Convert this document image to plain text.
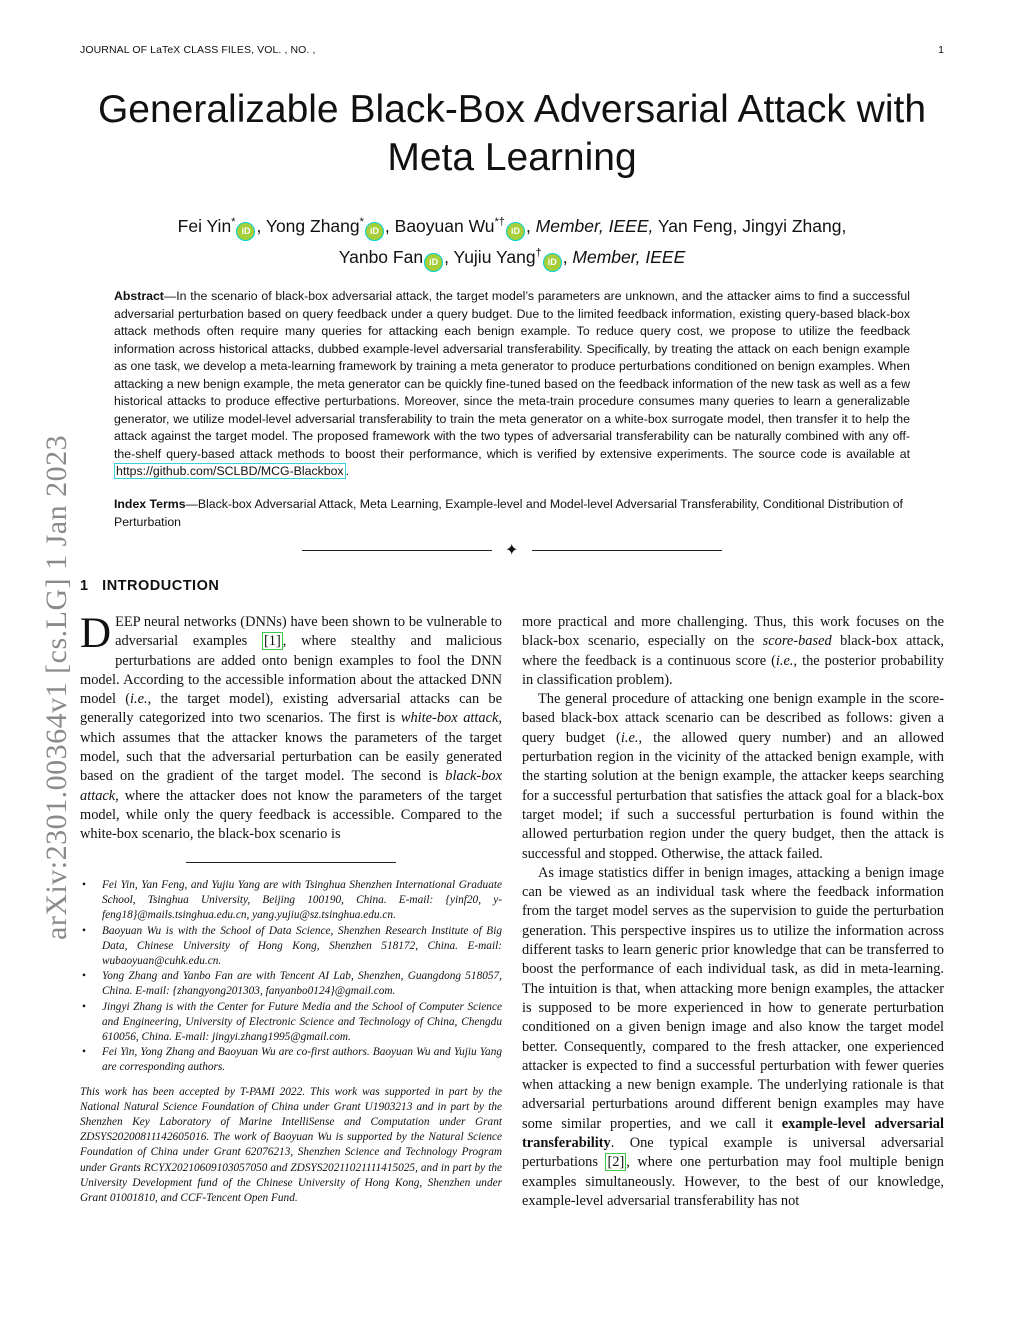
JOURNAL OF LaTeX CLASS FILES, VOL. , NO. ,	1
arXiv:2301.00364v1 [cs.LG] 1 Jan 2023
Generalizable Black-Box Adversarial Attack with Meta Learning
Fei Yin*iD , Yong Zhang*iD , Baoyuan Wu*†iD , Member, IEEE, Yan Feng, Jingyi Zhang,
Yanbo Fan iD , Yujiu Yang†iD , Member, IEEE
Abstract—In the scenario of black-box adversarial attack, the target model’s parameters are unknown, and the attacker aims to find a successful adversarial perturbation based on query feedback under a query budget. Due to the limited feedback information, existing query-based black-box attack methods often require many queries for attacking each benign example. To reduce query cost, we propose to utilize the feedback information across historical attacks, dubbed example-level adversarial transferability. Specifically, by treating the attack on each benign example as one task, we develop a meta-learning framework by training a meta generator to produce perturbations conditioned on benign examples. When attacking a new benign example, the meta generator can be quickly fine-tuned based on the feedback information of the new task as well as a few historical attacks to produce effective perturbations. Moreover, since the meta-train procedure consumes many queries to learn a generalizable generator, we utilize model-level adversarial transferability to train the meta generator on a white-box surrogate model, then transfer it to help the attack against the target model. The proposed framework with the two types of adversarial transferability can be naturally combined with any off-the-shelf query-based attack methods to boost their performance, which is verified by extensive experiments. The source code is available at https://github.com/SCLBD/MCG-Blackbox .
Index Terms—Black-box Adversarial Attack, Meta Learning, Example-level and Model-level Adversarial Transferability, Conditional Distribution of Perturbation
✦
1 INTRODUCTION

DEEP neural networks (DNNs) have been shown to be vulnerable to adversarial examples [1] , where stealthy and malicious perturbations are added onto benign examples to fool the DNN model. According to the accessible information about the attacked DNN model (i.e., the target model), existing adversarial attacks can be generally categorized into two scenarios. The first is white-box attack, which assumes that the attacker knows the parameters of the target model, such that the adversarial perturbation can be easily generated based on the gradient of the target model. The second is black-box attack, where the attacker does not know the parameters of the target model, while only the query feedback is accessible. Compared to the white-box scenario, the black-box scenario is

• Fei Yin, Yan Feng, and Yujiu Yang are with Tsinghua Shenzhen International Graduate School, Tsinghua University, Beijing 100190, China. E-mail: {yinf20, y-feng18}@mails.tsinghua.edu.cn, yang.yujiu@sz.tsinghua.edu.cn.
• Baoyuan Wu is with the School of Data Science, Shenzhen Research Institute of Big Data, Chinese University of Hong Kong, Shenzhen 518172, China. E-mail: wubaoyuan@cuhk.edu.cn.
• Yong Zhang and Yanbo Fan are with Tencent AI Lab, Shenzhen, Guangdong 518057, China. E-mail: {zhangyong201303, fanyanbo0124}@gmail.com.
• Jingyi Zhang is with the Center for Future Media and the School of Computer Science and Engineering, University of Electronic Science and Technology of China, Chengdu 610056, China. E-mail: jingyi.zhang1995@gmail.com.
• Fei Yin, Yong Zhang and Baoyuan Wu are co-first authors. Baoyuan Wu and Yujiu Yang are corresponding authors.
This work has been accepted by T-PAMI 2022. This work was supported in part by the National Natural Science Foundation of China under Grant U1903213 and in part by the Shenzhen Key Laboratory of Marine IntelliSense and Computation under Grant ZDSYS20200811142605016. The work of Baoyuan Wu is supported by the Natural Science Foundation of China under Grant 62076213, Shenzhen Science and Technology Program under Grants RCYX20210609103057050 and ZDSYS20211021111415025, and in part by the University Development fund of the Chinese University of Hong Kong, Shenzhen under Grant 01001810, and CCF-Tencent Open Fund.

more practical and more challenging. Thus, this work focuses on the black-box scenario, especially on the score-based black-box attack, where the feedback is a continuous score (i.e., the posterior probability in classification problem).

The general procedure of attacking one benign example in the score-based black-box attack scenario can be described as follows: given a query budget (i.e., the allowed query number) and an allowed perturbation region in the vicinity of the attacked benign example, with the starting solution at the benign example, the attacker keeps searching for a successful perturbation that satisfies the attack goal for a black-box target model; if such a successful perturbation is found within the allowed perturbation region under the query budget, then the attack is successful and stopped. Otherwise, the attack failed.

As image statistics differ in benign images, attacking a benign image can be viewed as an individual task where the feedback information from the target model serves as the supervision to guide the perturbation generation. This perspective inspires us to utilize the information across different tasks to learn generic prior knowledge that can be transferred to boost the performance of each individual task, as did in meta-learning. The intuition is that, when attacking more benign examples, the attacker is supposed to be more experienced in how to generate perturbation conditioned on a given benign image and also know the target model better. Consequently, compared to the fresh attacker, one experienced attacker is expected to find a successful perturbation with fewer queries when attacking a new benign example. The underlying rationale is that adversarial perturbations around different benign examples may have some similar properties, and we call it example-level adversarial transferability. One typical example is universal adversarial perturbations [2] , where one perturbation may fool multiple benign examples simultaneously. However, to the best of our knowledge, example-level adversarial transferability has not
